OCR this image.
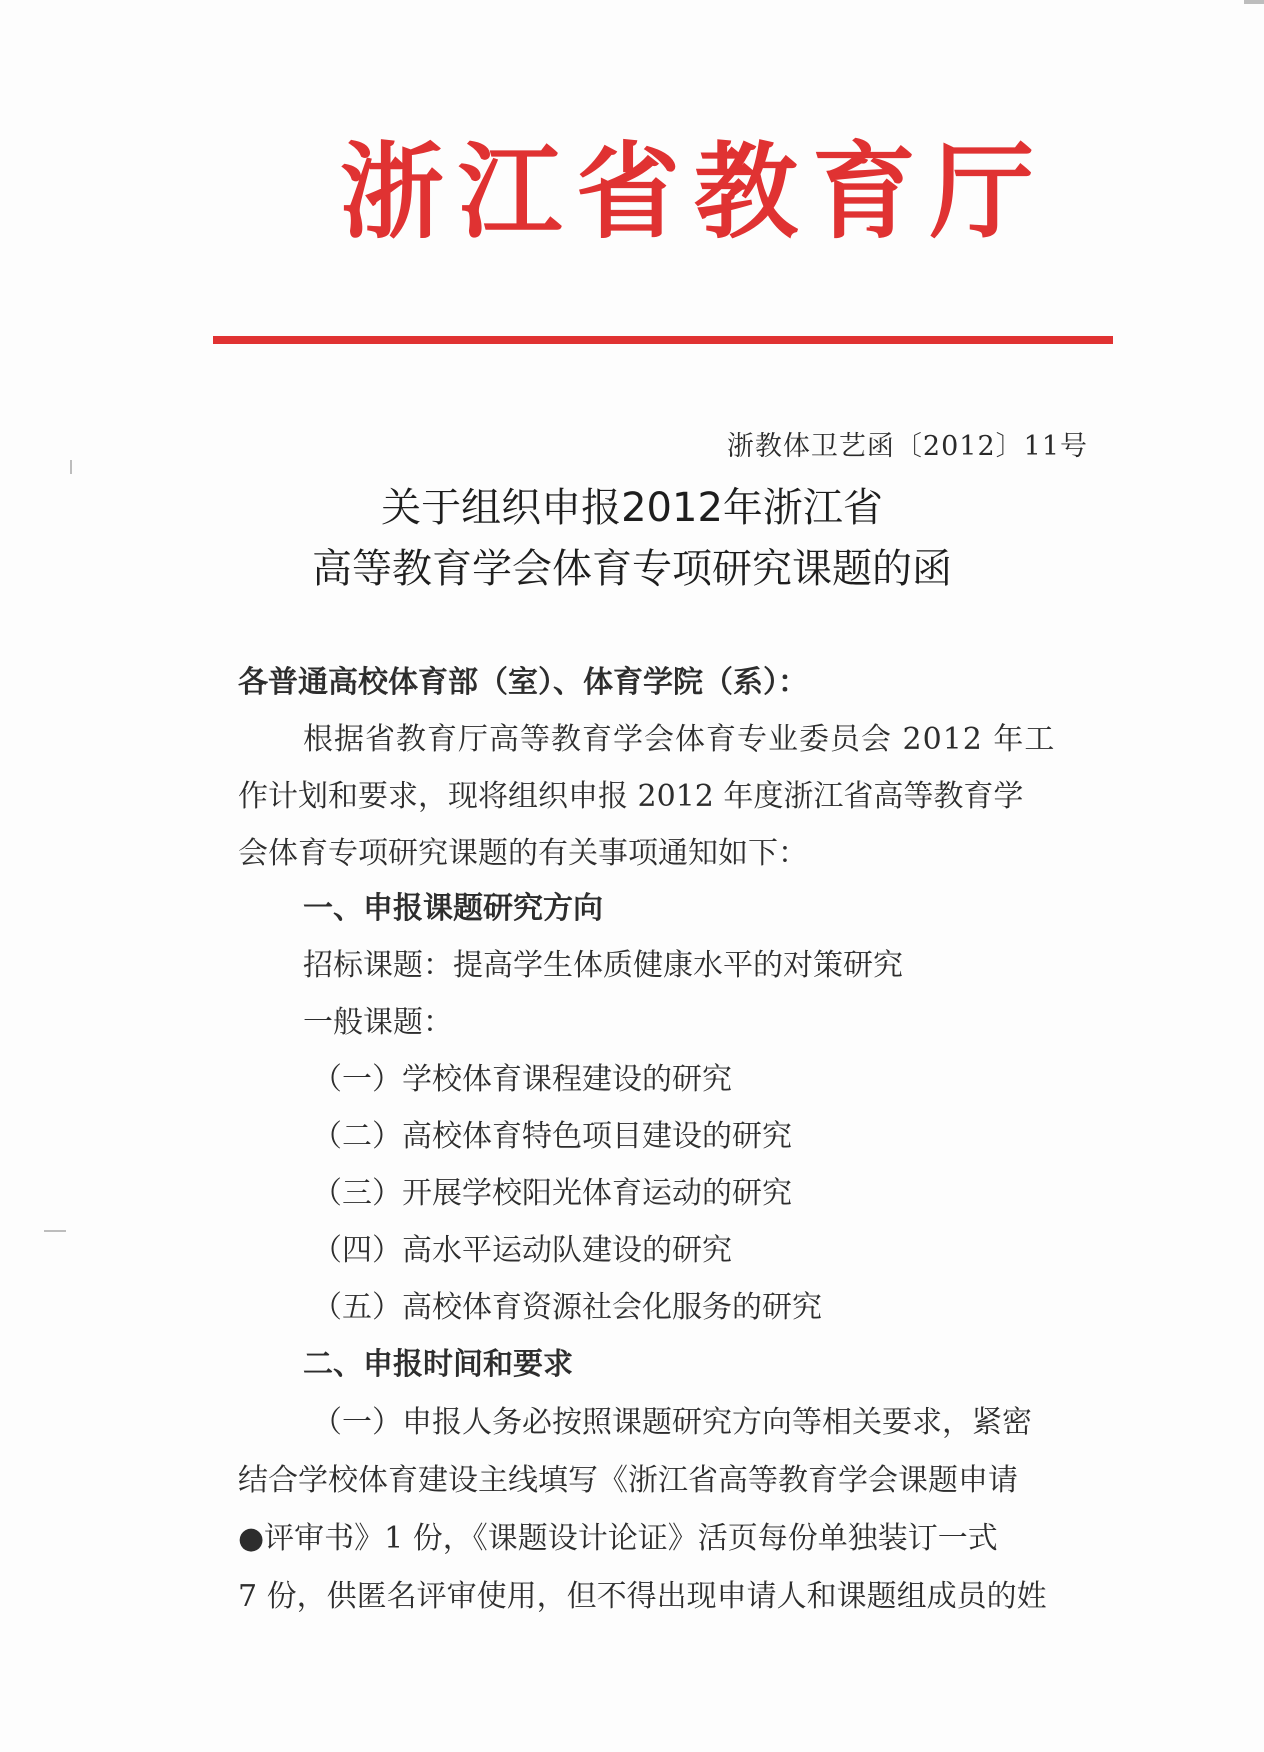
浙江省教育厅
浙教体卫艺函〔2012〕11号
关于组织申报2012年浙江省
高等教育学会体育专项研究课题的函
各普通高校体育部（室）、体育学院（系）：
根据省教育厅高等教育学会体育专业委员会 2012 年工
作计划和要求，现将组织申报 2012 年度浙江省高等教育学
会体育专项研究课题的有关事项通知如下：
一、申报课题研究方向
招标课题：提高学生体质健康水平的对策研究
一般课题：
（一）学校体育课程建设的研究
（二）高校体育特色项目建设的研究
（三）开展学校阳光体育运动的研究
（四）高水平运动队建设的研究
（五）高校体育资源社会化服务的研究
二、申报时间和要求
（一）申报人务必按照课题研究方向等相关要求，紧密
结合学校体育建设主线填写《浙江省高等教育学会课题申请
●评审书》1 份，《课题设计论证》活页每份单独装订一式
7 份，供匿名评审使用，但不得出现申请人和课题组成员的姓
